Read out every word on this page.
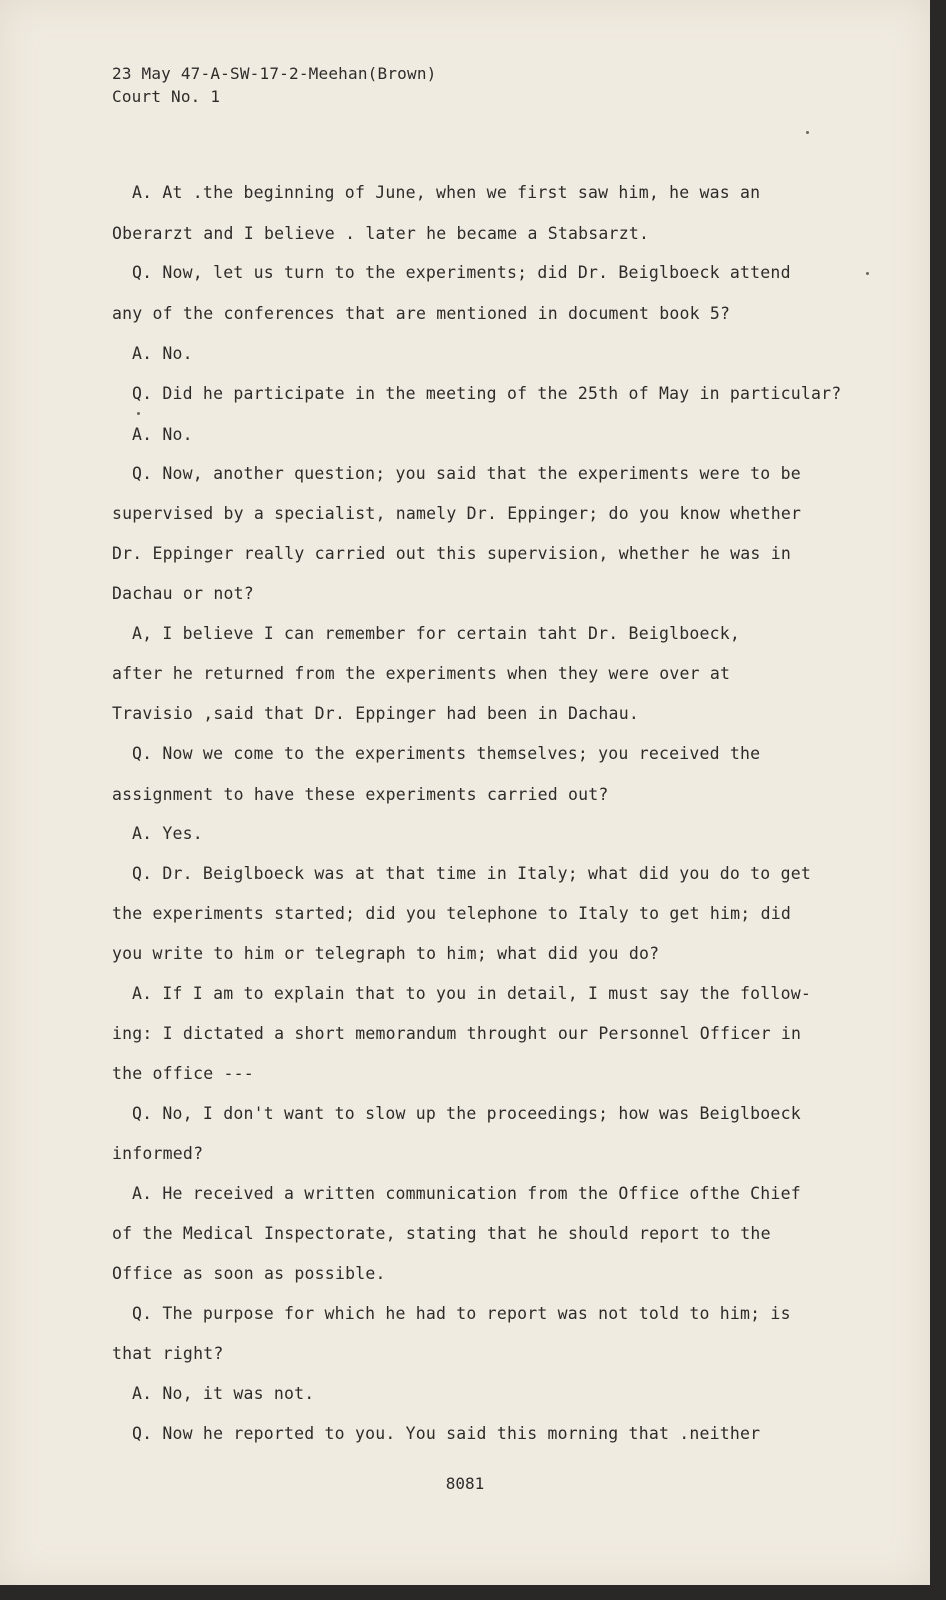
23 May 47-A-SW-17-2-Meehan(Brown)
Court No. 1
A. At .the beginning of June, when we first saw him, he was an
Oberarzt and I believe . later he became a Stabsarzt.
Q. Now, let us turn to the experiments; did Dr. Beiglboeck attend
any of the conferences that are mentioned in document book 5?
A. No.
Q. Did he participate in the meeting of the 25th of May in particular?
A. No.
Q. Now, another question; you said that the experiments were to be
supervised by a specialist, namely Dr. Eppinger; do you know whether
Dr. Eppinger really carried out this supervision, whether he was in
Dachau or not?
A, I believe I can remember for certain taht Dr. Beiglboeck,
after he returned from the experiments when they were over at
Travisio ,said that Dr. Eppinger had been in Dachau.
Q. Now we come to the experiments themselves; you received the
assignment to have these experiments carried out?
A. Yes.
Q. Dr. Beiglboeck was at that time in Italy; what did you do to get
the experiments started; did you telephone to Italy to get him; did
you write to him or telegraph to him; what did you do?
A. If I am to explain that to you in detail, I must say the follow-
ing: I dictated a short memorandum throught our Personnel Officer in
the office ---
Q. No, I don't want to slow up the proceedings; how was Beiglboeck
informed?
A. He received a written communication from the Office ofthe Chief
of the Medical Inspectorate, stating that he should report to the
Office as soon as possible.
Q. The purpose for which he had to report was not told to him; is
that right?
A. No, it was not.
Q. Now he reported to you. You said this morning that .neither
8081
